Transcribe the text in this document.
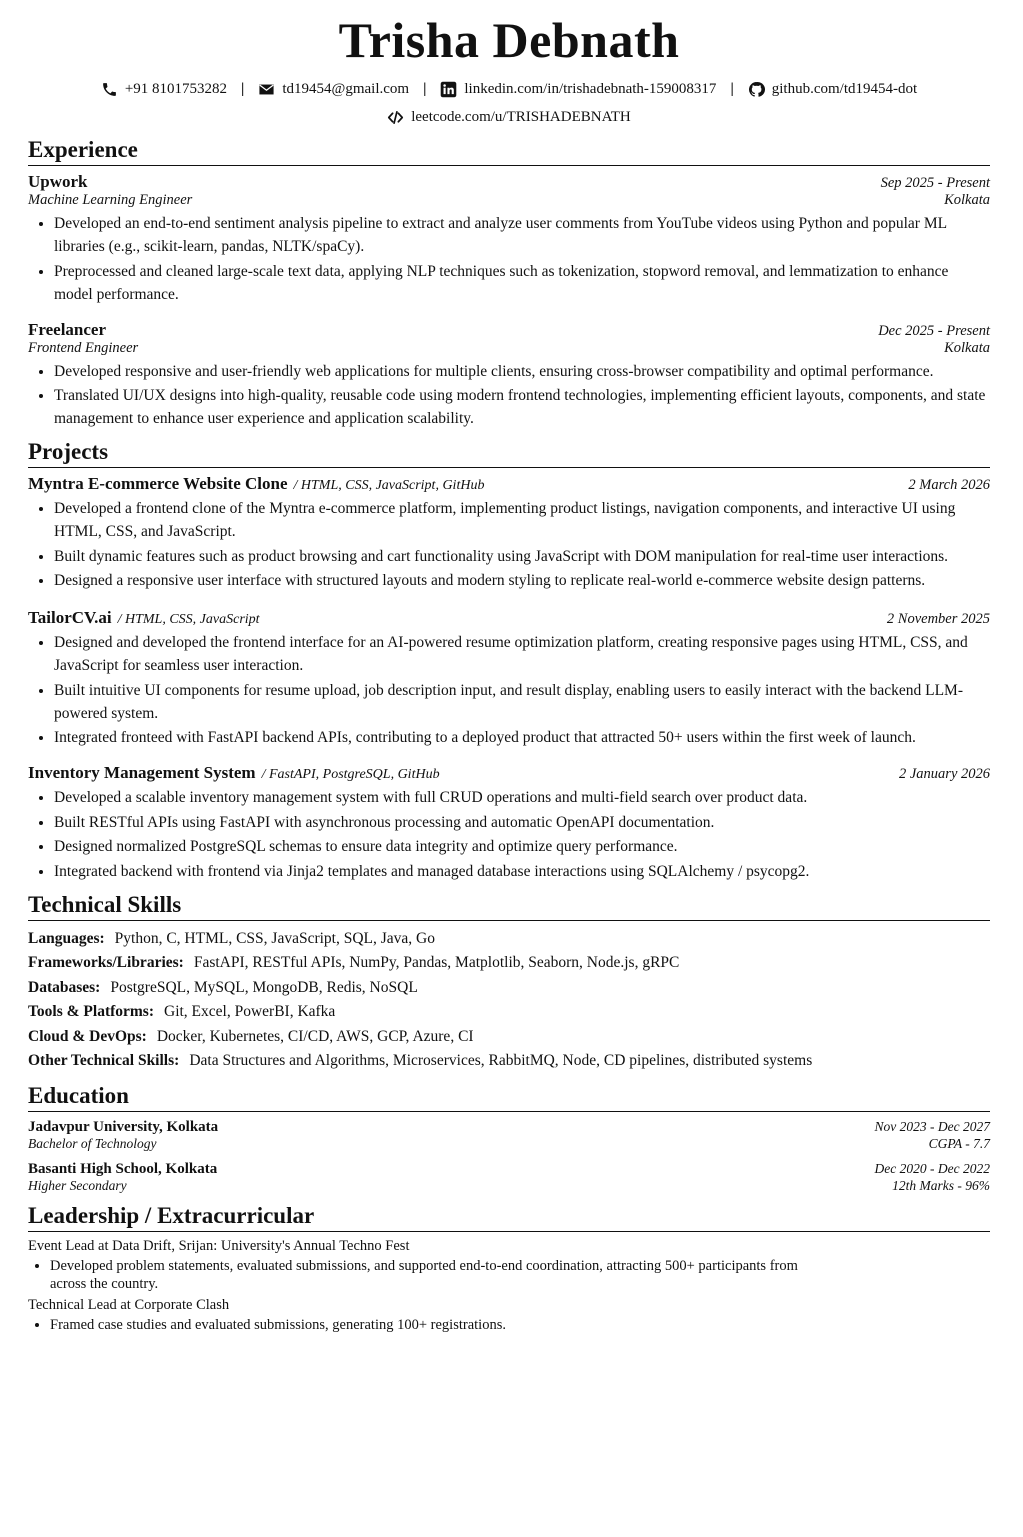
Trisha Debnath
+91 8101753282 |	td19454@gmail.com |	linkedin.com/in/trishadebnath-159008317 |	github.com/td19454-dot
leetcode.com/u/TRISHADEBNATH
Experience
Upwork	Sep 2025 - Present
Machine Learning Engineer	Kolkata
• Developed an end-to-end sentiment analysis pipeline to extract and analyze user comments from YouTube videos using Python and popular ML libraries (e.g., scikit-learn, pandas, NLTK/spaCy).
• Preprocessed and cleaned large-scale text data, applying NLP techniques such as tokenization, stopword removal, and lemmatization to enhance model performance.
Freelancer	Dec 2025 - Present
Frontend Engineer	Kolkata
• Developed responsive and user-friendly web applications for multiple clients, ensuring cross-browser compatibility and optimal performance.
• Translated UI/UX designs into high-quality, reusable code using modern frontend technologies, implementing efficient layouts, components, and state management to enhance user experience and application scalability.
Projects
Myntra E-commerce Website Clone / HTML, CSS, JavaScript, GitHub	2 March 2026
• Developed a frontend clone of the Myntra e-commerce platform, implementing product listings, navigation components, and interactive UI using HTML, CSS, and JavaScript.
• Built dynamic features such as product browsing and cart functionality using JavaScript with DOM manipulation for real-time user interactions.
• Designed a responsive user interface with structured layouts and modern styling to replicate real-world e-commerce website design patterns.
TailorCV.ai / HTML, CSS, JavaScript	2 November 2025
• Designed and developed the frontend interface for an AI-powered resume optimization platform, creating responsive pages using HTML, CSS, and JavaScript for seamless user interaction.
• Built intuitive UI components for resume upload, job description input, and result display, enabling users to easily interact with the backend LLM-powered system.
• Integrated fronteed with FastAPI backend APIs, contributing to a deployed product that attracted 50+ users within the first week of launch.
Inventory Management System / FastAPI, PostgreSQL, GitHub	2 January 2026
• Developed a scalable inventory management system with full CRUD operations and multi-field search over product data.
• Built RESTful APIs using FastAPI with asynchronous processing and automatic OpenAPI documentation.
• Designed normalized PostgreSQL schemas to ensure data integrity and optimize query performance.
• Integrated backend with frontend via Jinja2 templates and managed database interactions using SQLAlchemy / psycopg2.
Technical Skills
Languages: Python, C, HTML, CSS, JavaScript, SQL, Java, Go
Frameworks/Libraries: FastAPI, RESTful APIs, NumPy, Pandas, Matplotlib, Seaborn, Node.js, gRPC
Databases: PostgreSQL, MySQL, MongoDB, Redis, NoSQL
Tools & Platforms: Git, Excel, PowerBI, Kafka
Cloud & DevOps: Docker, Kubernetes, CI/CD, AWS, GCP, Azure, CI
Other Technical Skills: Data Structures and Algorithms, Microservices, RabbitMQ, Node, CD pipelines, distributed systems
Education
Jadavpur University, Kolkata	Nov 2023 - Dec 2027
Bachelor of Technology	CGPA - 7.7
Basanti High School, Kolkata	Dec 2020 - Dec 2022
Higher Secondary	12th Marks - 96%
Leadership / Extracurricular
Event Lead at Data Drift, Srijan: University's Annual Techno Fest
• Developed problem statements, evaluated submissions, and supported end-to-end coordination, attracting 500+ participants from across the country.
Technical Lead at Corporate Clash
• Framed case studies and evaluated submissions, generating 100+ registrations.
